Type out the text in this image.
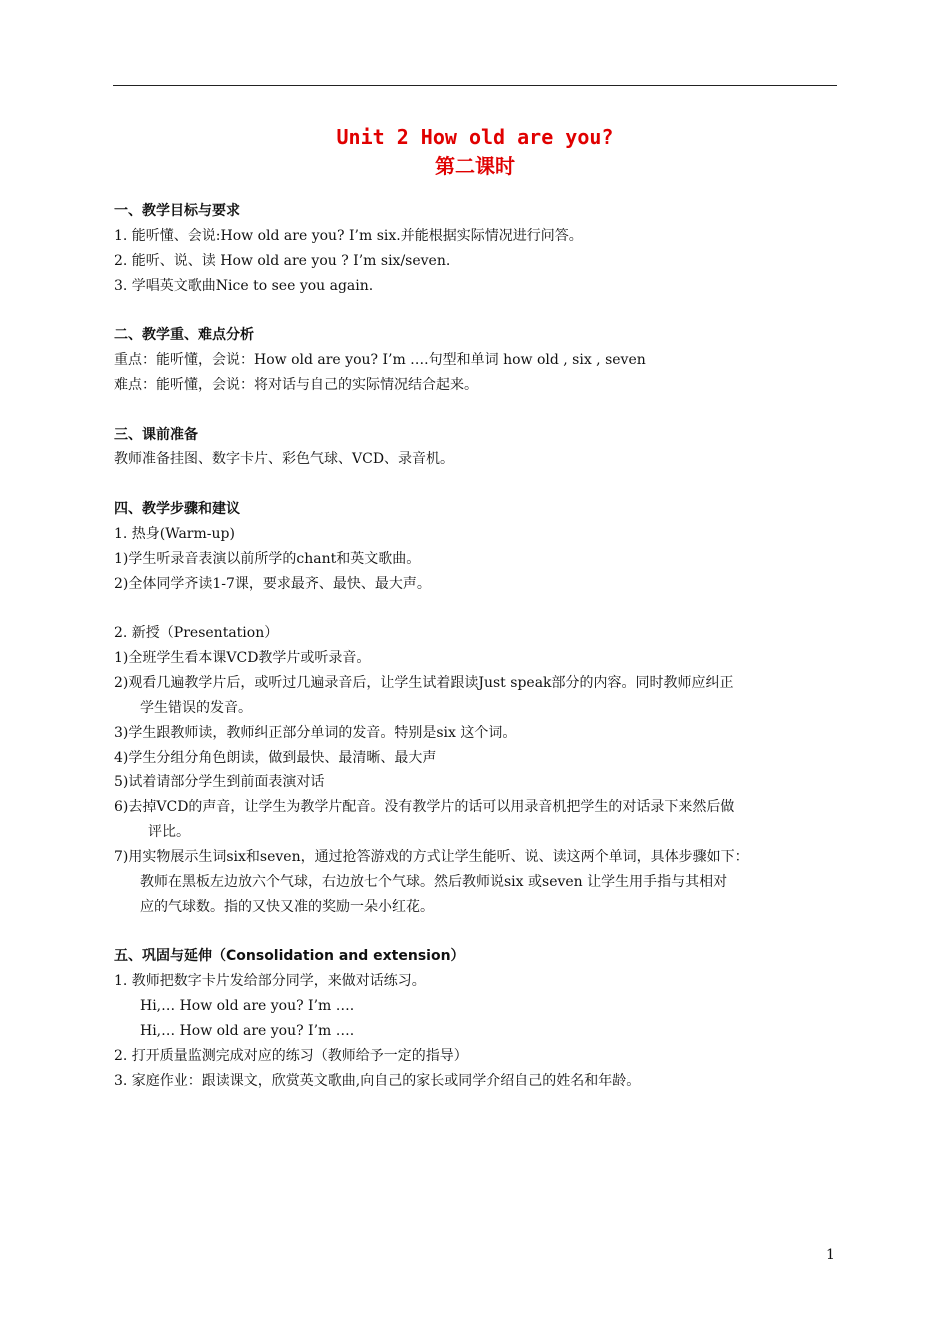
Unit 2 How old are you?
第二课时
一、教学目标与要求
1. 能听懂、会说:How old are you? I’m six.并能根据实际情况进行问答。
2. 能听、说、读 How old are you ? I’m six/seven.
3. 学唱英文歌曲Nice to see you again.
二、教学重、难点分析
重点：能听懂，会说：How old are you? I’m ….句型和单词 how old , six , seven
难点：能听懂，会说：将对话与自己的实际情况结合起来。
三、课前准备
教师准备挂图、数字卡片、彩色气球、VCD、录音机。
四、教学步骤和建议
1. 热身(Warm-up)
1)学生听录音表演以前所学的chant和英文歌曲。
2)全体同学齐读1-7课，要求最齐、最快、最大声。
2. 新授（Presentation）
1)全班学生看本课VCD教学片或听录音。
2)观看几遍教学片后，或听过几遍录音后，让学生试着跟读Just speak部分的内容。同时教师应纠正
学生错误的发音。
3)学生跟教师读，教师纠正部分单词的发音。特别是six 这个词。
4)学生分组分角色朗读，做到最快、最清晰、最大声
5)试着请部分学生到前面表演对话
6)去掉VCD的声音，让学生为教学片配音。没有教学片的话可以用录音机把学生的对话录下来然后做
评比。
7)用实物展示生词six和seven，通过抢答游戏的方式让学生能听、说、读这两个单词，具体步骤如下：
教师在黑板左边放六个气球，右边放七个气球。然后教师说six 或seven 让学生用手指与其相对
应的气球数。指的又快又准的奖励一朵小红花。
五、巩固与延伸（Consolidation and extension）
1. 教师把数字卡片发给部分同学，来做对话练习。
Hi,… How old are you? I’m ….
Hi,… How old are you? I’m ….
2. 打开质量监测完成对应的练习（教师给予一定的指导）
3. 家庭作业：跟读课文，欣赏英文歌曲,向自己的家长或同学介绍自己的姓名和年龄。
1
